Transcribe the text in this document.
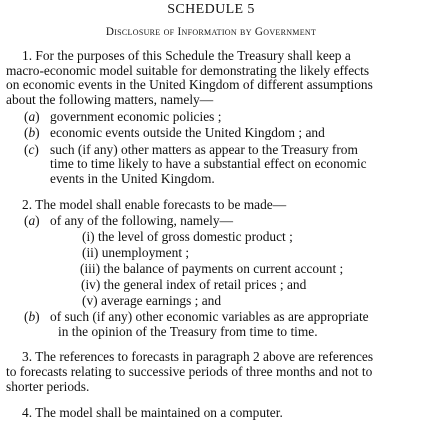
SCHEDULE 5
Disclosure of Information by Government
1. For the purposes of this Schedule the Treasury shall keep a
macro-economic model suitable for demonstrating the likely effects
on economic events in the United Kingdom of different assumptions
about the following matters, namely—
(a) government economic policies ;
(b) economic events outside the United Kingdom ; and
(c) such (if any) other matters as appear to the Treasury from
time to time likely to have a substantial effect on economic
events in the United Kingdom.
2. The model shall enable forecasts to be made—
(a) of any of the following, namely—
(i) the level of gross domestic product ;
(ii) unemployment ;
(iii) the balance of payments on current account ;
(iv) the general index of retail prices ; and
(v) average earnings ; and
(b) of such (if any) other economic variables as are appropriate
in the opinion of the Treasury from time to time.
3. The references to forecasts in paragraph 2 above are references
to forecasts relating to successive periods of three months and not to
shorter periods.
4. The model shall be maintained on a computer.
